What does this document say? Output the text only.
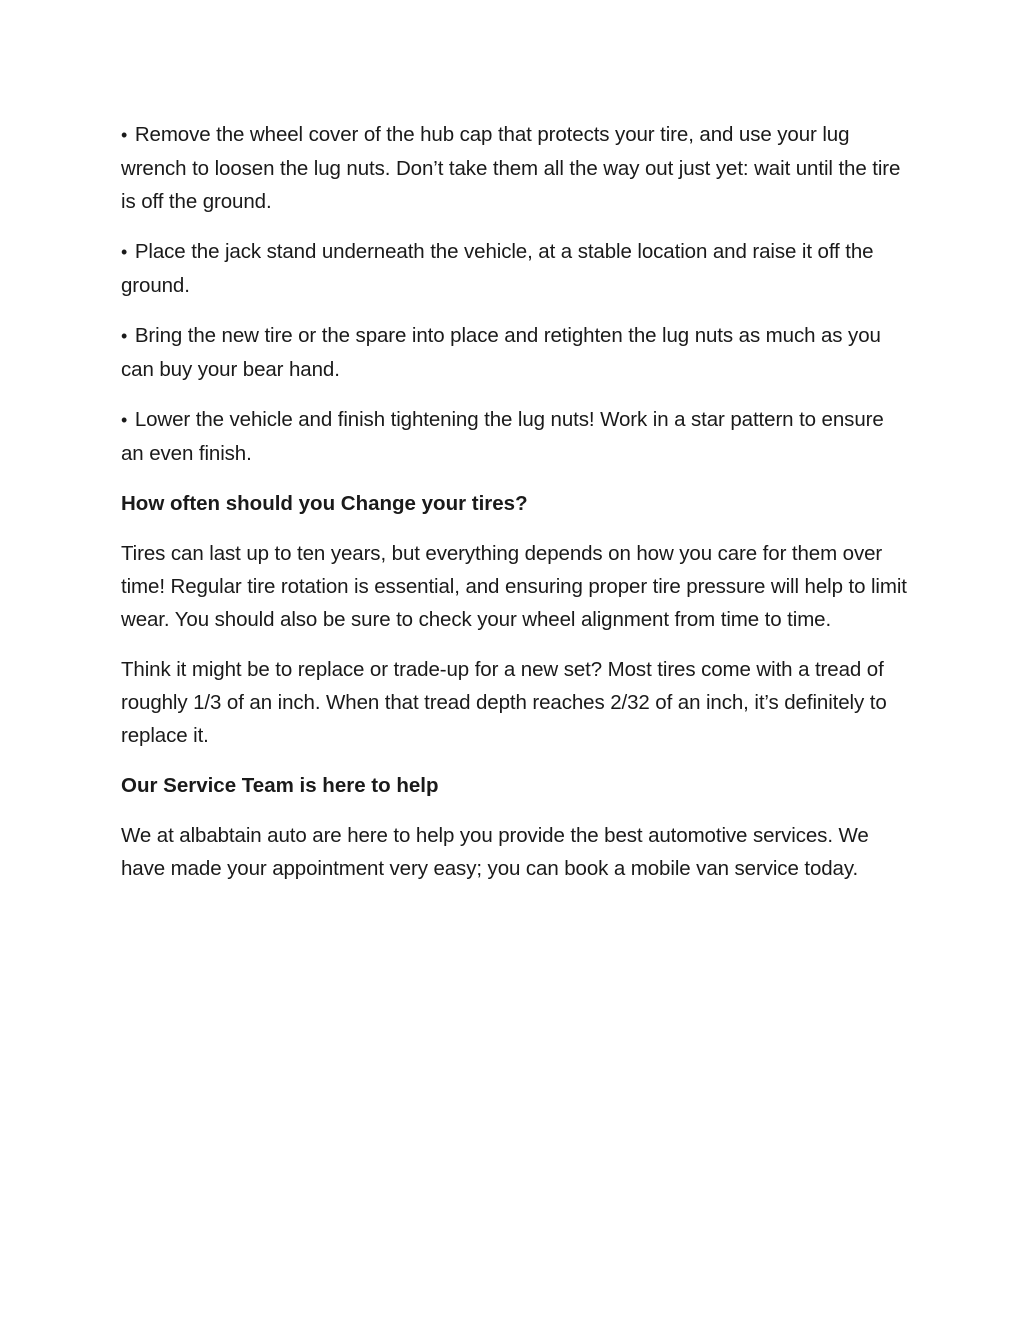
• Remove the wheel cover of the hub cap that protects your tire, and use your lug wrench to loosen the lug nuts. Don’t take them all the way out just yet: wait until the tire is off the ground.

• Place the jack stand underneath the vehicle, at a stable location and raise it off the ground.

• Bring the new tire or the spare into place and retighten the lug nuts as much as you can buy your bear hand.

• Lower the vehicle and finish tightening the lug nuts! Work in a star pattern to ensure an even finish.

How often should you Change your tires?

Tires can last up to ten years, but everything depends on how you care for them over time! Regular tire rotation is essential, and ensuring proper tire pressure will help to limit wear. You should also be sure to check your wheel alignment from time to time.

Think it might be to replace or trade-up for a new set? Most tires come with a tread of roughly 1/3 of an inch. When that tread depth reaches 2/32 of an inch, it’s definitely to replace it.

Our Service Team is here to help

We at albabtain auto are here to help you provide the best automotive services. We have made your appointment very easy; you can book a mobile van service today.
